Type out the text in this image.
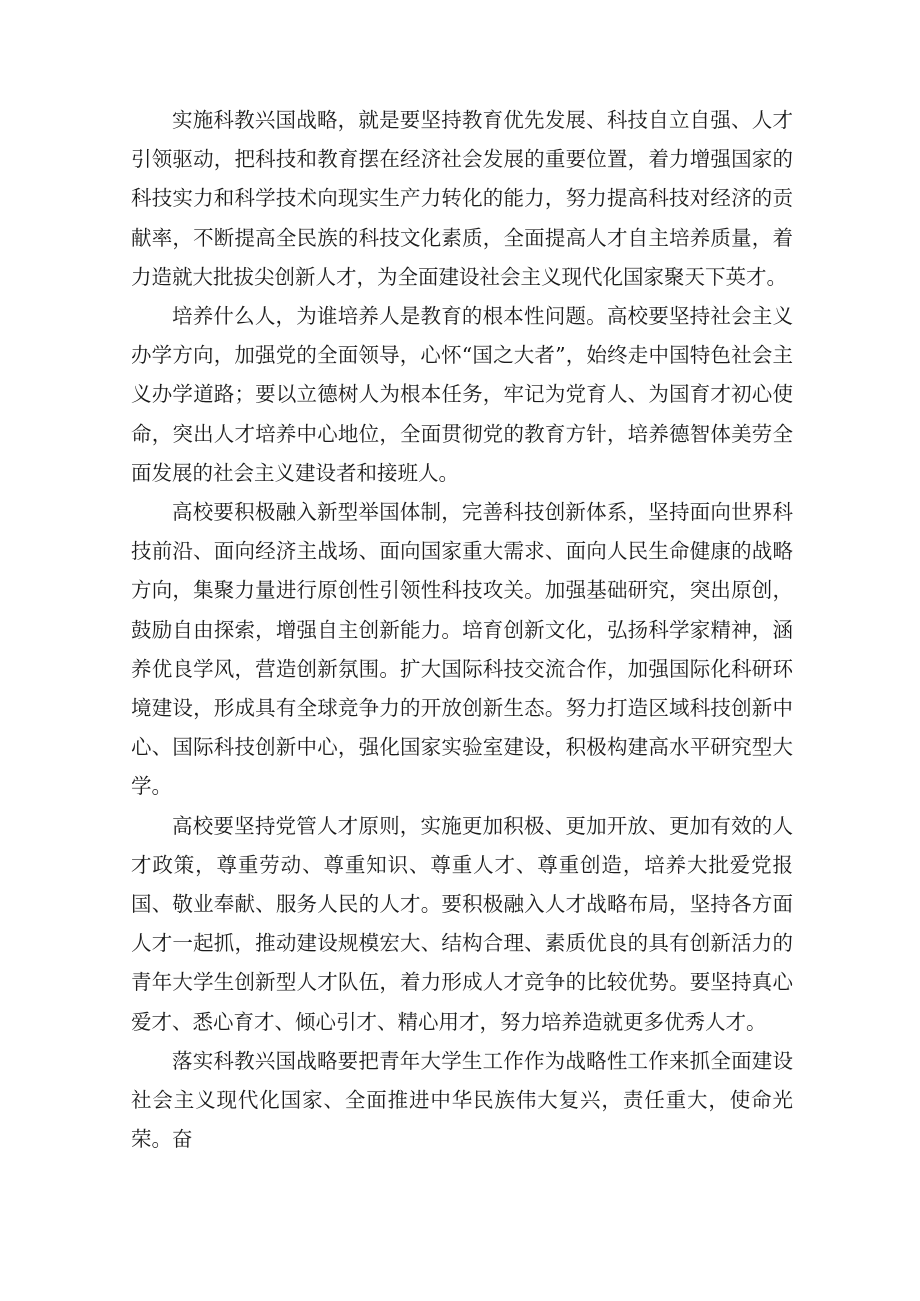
实施科教兴国战略，就是要坚持教育优先发展、科技自立自强、人才引领驱动，把科技和教育摆在经济社会发展的重要位置，着力增强国家的科技实力和科学技术向现实生产力转化的能力，努力提高科技对经济的贡献率，不断提高全民族的科技文化素质，全面提高人才自主培养质量，着力造就大批拔尖创新人才，为全面建设社会主义现代化国家聚天下英才。

培养什么人，为谁培养人是教育的根本性问题。高校要坚持社会主义办学方向，加强党的全面领导，心怀“国之大者”，始终走中国特色社会主义办学道路；要以立德树人为根本任务，牢记为党育人、为国育才初心使命，突出人才培养中心地位，全面贯彻党的教育方针，培养德智体美劳全面发展的社会主义建设者和接班人。

高校要积极融入新型举国体制，完善科技创新体系，坚持面向世界科技前沿、面向经济主战场、面向国家重大需求、面向人民生命健康的战略方向，集聚力量进行原创性引领性科技攻关。加强基础研究，突出原创，鼓励自由探索，增强自主创新能力。培育创新文化，弘扬科学家精神，涵养优良学风，营造创新氛围。扩大国际科技交流合作，加强国际化科研环境建设，形成具有全球竞争力的开放创新生态。努力打造区域科技创新中心、国际科技创新中心，强化国家实验室建设，积极构建高水平研究型大学。

高校要坚持党管人才原则，实施更加积极、更加开放、更加有效的人才政策，尊重劳动、尊重知识、尊重人才、尊重创造，培养大批爱党报国、敬业奉献、服务人民的人才。要积极融入人才战略布局，坚持各方面人才一起抓，推动建设规模宏大、结构合理、素质优良的具有创新活力的青年大学生创新型人才队伍，着力形成人才竞争的比较优势。要坚持真心爱才、悉心育才、倾心引才、精心用才，努力培养造就更多优秀人才。

落实科教兴国战略要把青年大学生工作作为战略性工作来抓全面建设社会主义现代化国家、全面推进中华民族伟大复兴，责任重大，使命光荣。奋
